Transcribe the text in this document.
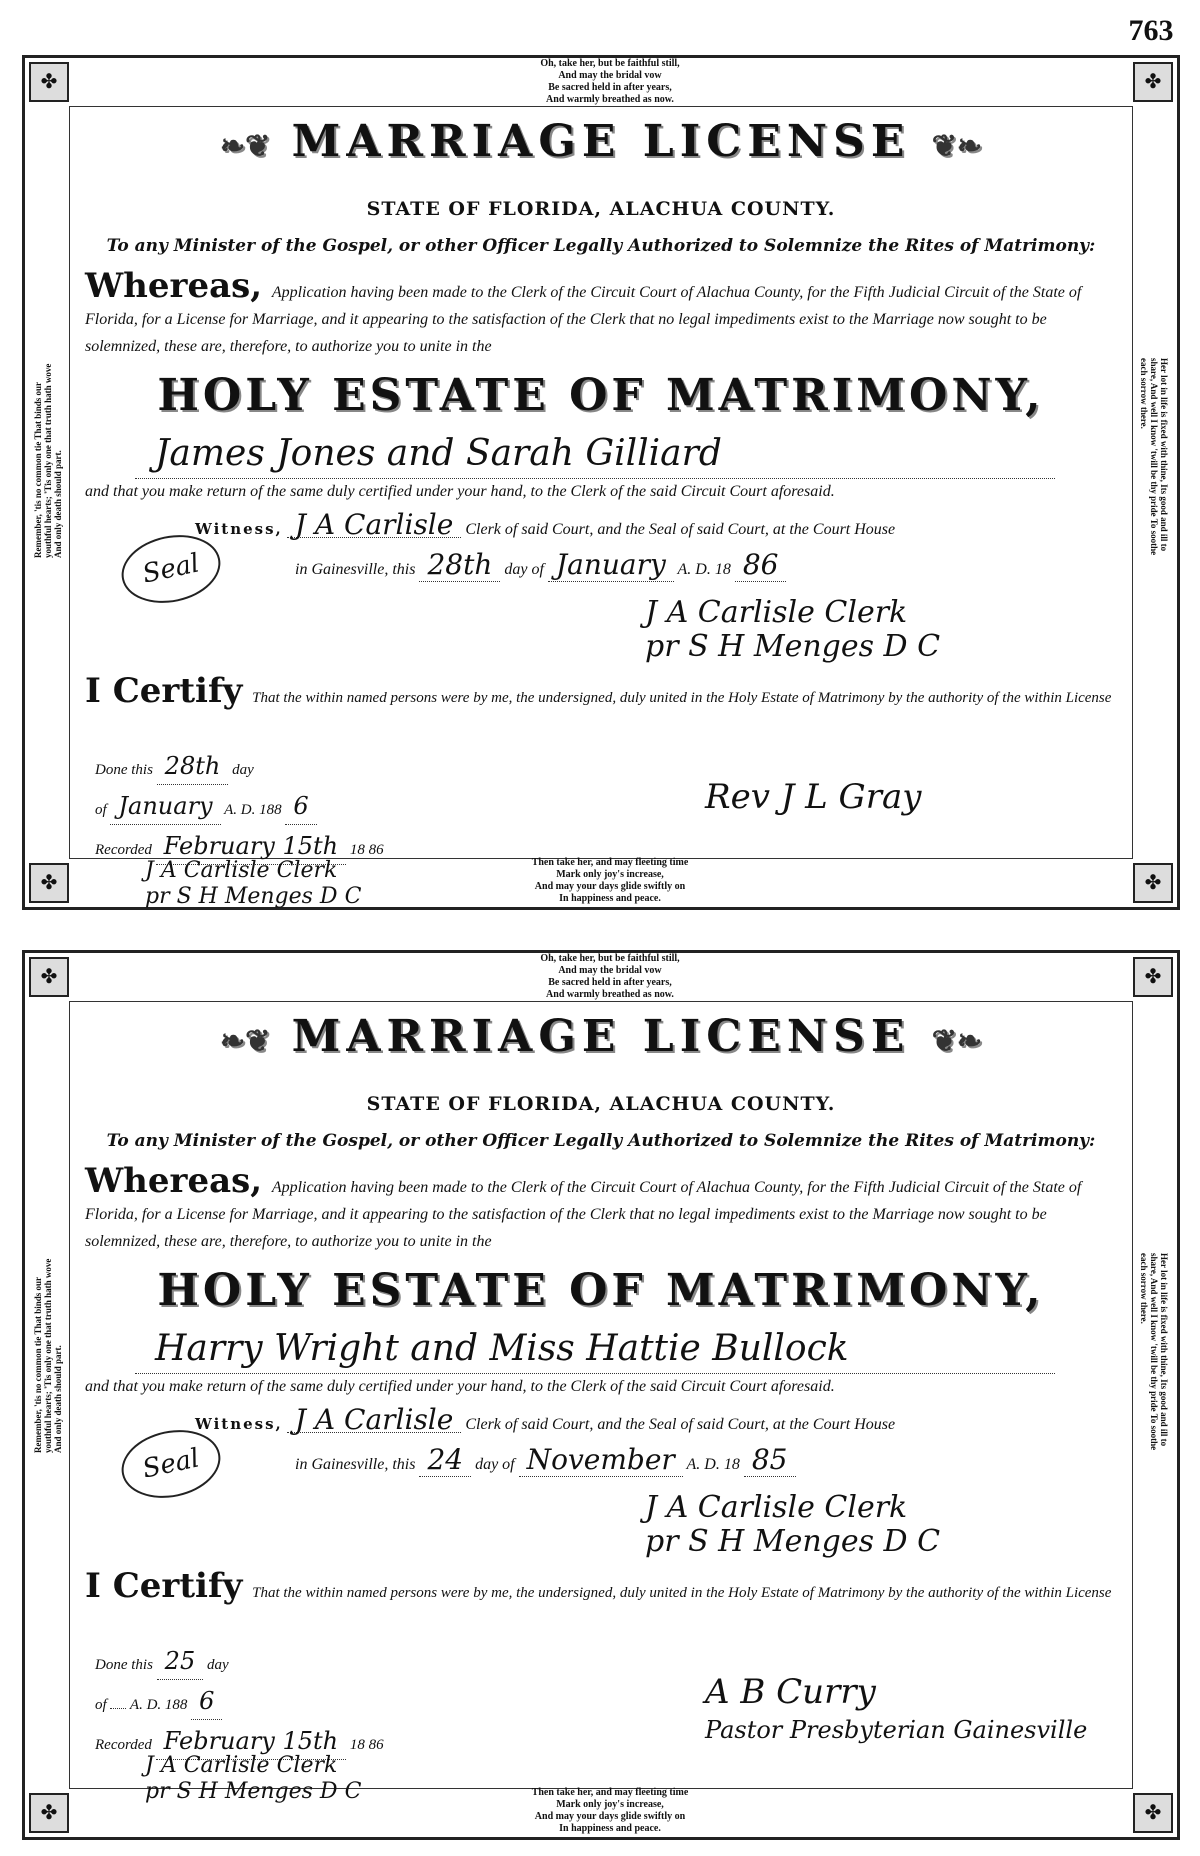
763
✤	✤
✤	✤
Oh, take her, but be faithful still,
And may the bridal vow
Be sacred held in after years,
And warmly breathed as now.
Then take her, and may fleeting time
Mark only joy's increase,
And may your days glide swiftly on
In happiness and peace.
Remember, 'tis no common tie That binds our youthful hearts; 'Tis only one that truth hath wove And only death should part.	Her lot in life is fixed with thine, Its good and ill to share, And well I know 'twill be thy pride To soothe each sorrow there.
❧❦ MARRIAGE LICENSE ❦❧
STATE OF FLORIDA, ALACHUA COUNTY.
To any Minister of the Gospel, or other Officer Legally Authorized to Solemnize the Rites of Matrimony:
Whereas, Application having been made to the Clerk of the Circuit Court of Alachua County, for the Fifth Judicial Circuit of the State of Florida, for a License for Marriage, and it appearing to the satisfaction of the Clerk that no legal impediments exist to the Marriage now sought to be solemnized, these are, therefore, to authorize you to unite in the
HOLY ESTATE OF MATRIMONY,
James Jones and Sarah Gilliard
and that you make return of the same duly certified under your hand, to the Clerk of the said Circuit Court aforesaid.
Witness, J A Carlisle Clerk of said Court, and the Seal of said Court, at the Court House
in Gainesville, this 28th day of January A. D. 18 86
Seal
J A Carlisle Clerk
pr S H Menges D C
I Certify That the within named persons were by me, the undersigned, duly united in the Holy Estate of Matrimony by the authority of the within License
Done this 28th day
of January A. D. 188 6
Recorded February 15th 18 86
Rev J L Gray
J A Carlisle Clerk
pr S H Menges D C
✤	✤
✤	✤
Oh, take her, but be faithful still,
And may the bridal vow
Be sacred held in after years,
And warmly breathed as now.
Then take her, and may fleeting time
Mark only joy's increase,
And may your days glide swiftly on
In happiness and peace.
Remember, 'tis no common tie That binds our youthful hearts; 'Tis only one that truth hath wove And only death should part.	Her lot in life is fixed with thine, Its good and ill to share, And well I know 'twill be thy pride To soothe each sorrow there.
❧❦ MARRIAGE LICENSE ❦❧
STATE OF FLORIDA, ALACHUA COUNTY.
To any Minister of the Gospel, or other Officer Legally Authorized to Solemnize the Rites of Matrimony:
Whereas, Application having been made to the Clerk of the Circuit Court of Alachua County, for the Fifth Judicial Circuit of the State of Florida, for a License for Marriage, and it appearing to the satisfaction of the Clerk that no legal impediments exist to the Marriage now sought to be solemnized, these are, therefore, to authorize you to unite in the
HOLY ESTATE OF MATRIMONY,
Harry Wright and Miss Hattie Bullock
and that you make return of the same duly certified under your hand, to the Clerk of the said Circuit Court aforesaid.
Witness, J A Carlisle Clerk of said Court, and the Seal of said Court, at the Court House
in Gainesville, this 24 day of November A. D. 18 85
Seal
J A Carlisle Clerk
pr S H Menges D C
I Certify That the within named persons were by me, the undersigned, duly united in the Holy Estate of Matrimony by the authority of the within License
Done this 25 day
of A. D. 188 6
Recorded February 15th 18 86
A B Curry
Pastor Presbyterian Gainesville
J A Carlisle Clerk
pr S H Menges D C
